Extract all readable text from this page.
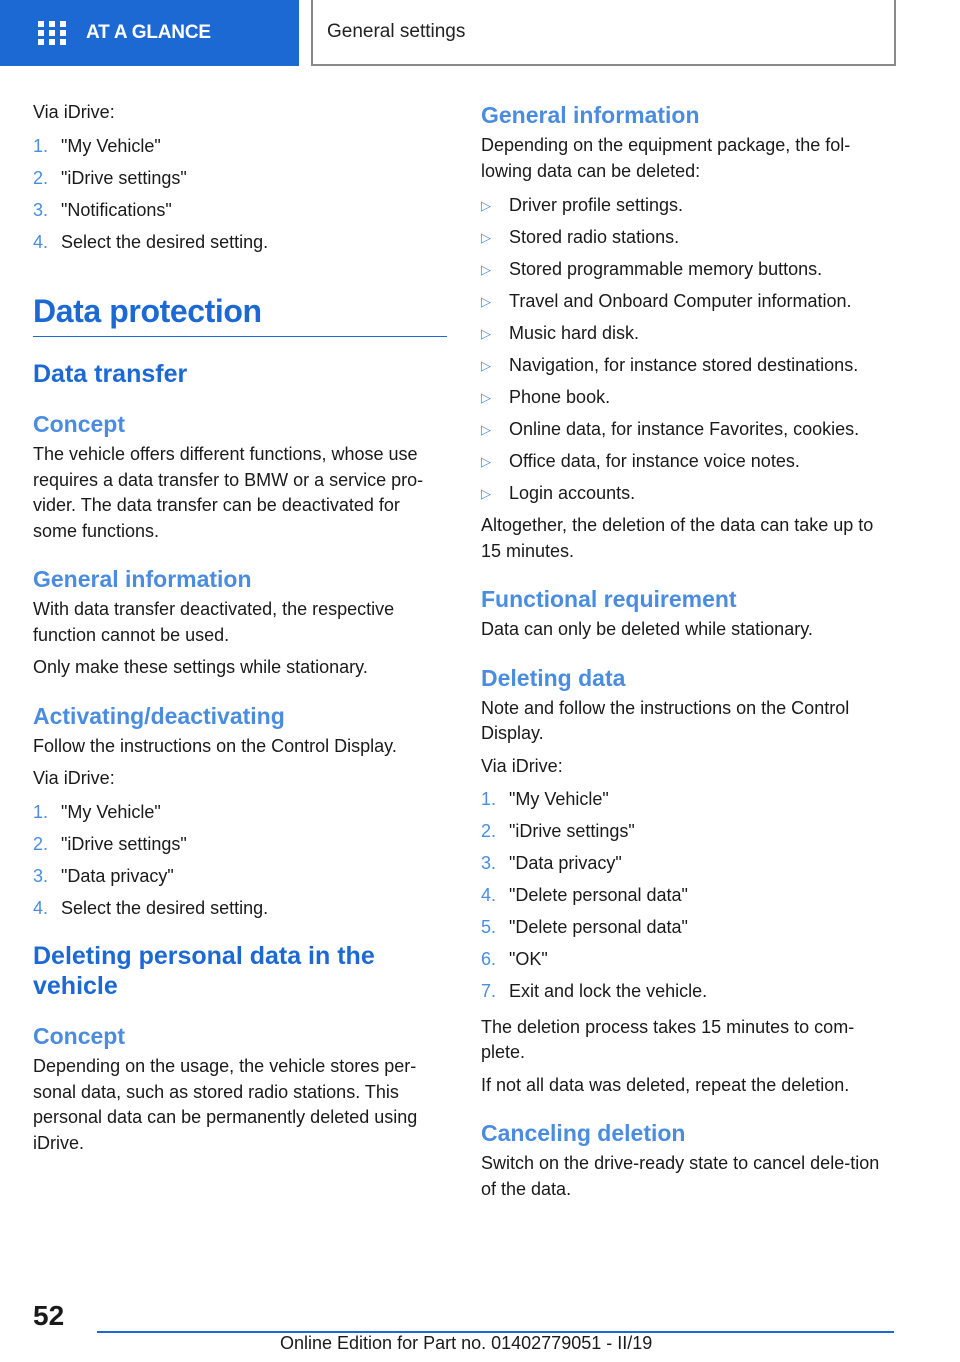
AT A GLANCE	General settings

Via iDrive:

1. "My Vehicle"
2. "iDrive settings"
3. "Notifications"
4. Select the desired setting.
Data protection
Data transfer
Concept

The vehicle offers different functions, whose use requires a data transfer to BMW or a service pro-vider. The data transfer can be deactivated for some functions.

General information

With data transfer deactivated, the respective function cannot be used.

Only make these settings while stationary.

Activating/deactivating

Follow the instructions on the Control Display.

Via iDrive:

1. "My Vehicle"
2. "iDrive settings"
3. "Data privacy"
4. Select the desired setting.
Deleting personal data in the vehicle
Concept

Depending on the usage, the vehicle stores per-sonal data, such as stored radio stations. This personal data can be permanently deleted using iDrive.

General information

Depending on the equipment package, the fol-lowing data can be deleted:

▷	Driver profile settings.
▷	Stored radio stations.
▷	Stored programmable memory buttons.
▷	Travel and Onboard Computer information.
▷	Music hard disk.
▷	Navigation, for instance stored destinations.
▷	Phone book.
▷	Online data, for instance Favorites, cookies.
▷	Office data, for instance voice notes.
▷	Login accounts.

Altogether, the deletion of the data can take up to 15 minutes.

Functional requirement

Data can only be deleted while stationary.

Deleting data

Note and follow the instructions on the Control Display.

Via iDrive:

1. "My Vehicle"
2. "iDrive settings"
3. "Data privacy"
4. "Delete personal data"
5. "Delete personal data"
6. "OK"
7. Exit and lock the vehicle.

The deletion process takes 15 minutes to com-plete.

If not all data was deleted, repeat the deletion.

Canceling deletion

Switch on the drive-ready state to cancel dele-tion of the data.

52
Online Edition for Part no. 01402779051 - II/19
